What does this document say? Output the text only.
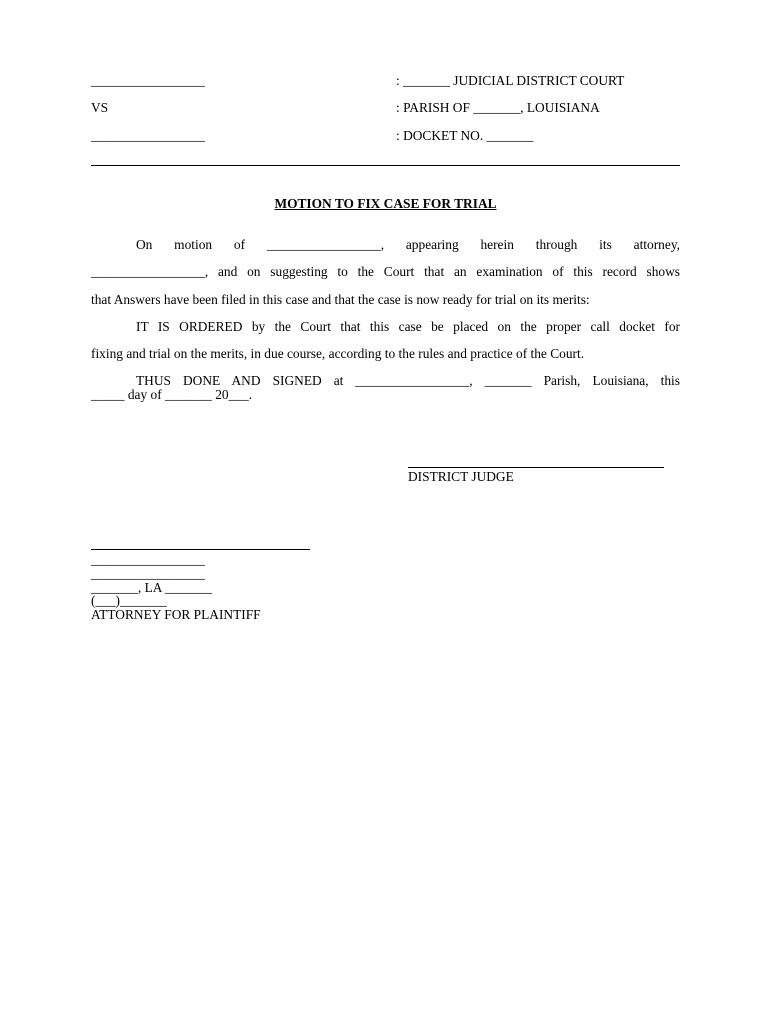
_________________	: _______ JUDICIAL DISTRICT COURT
VS	: PARISH OF _______, LOUISIANA
_________________	: DOCKET NO. _______
MOTION TO FIX CASE FOR TRIAL
On motion of _________________, appearing herein through its attorney,
_________________, and on suggesting to the Court that an examination of this record shows
that Answers have been filed in this case and that the case is now ready for trial on its merits:
IT IS ORDERED by the Court that this case be placed on the proper call docket for
fixing and trial on the merits, in due course, according to the rules and practice of the Court.
THUS DONE AND SIGNED at _________________, _______ Parish, Louisiana, this
_____ day of _______ 20___.
DISTRICT JUDGE
_________________
_________________
_______, LA _______
(___)_______
ATTORNEY FOR PLAINTIFF
